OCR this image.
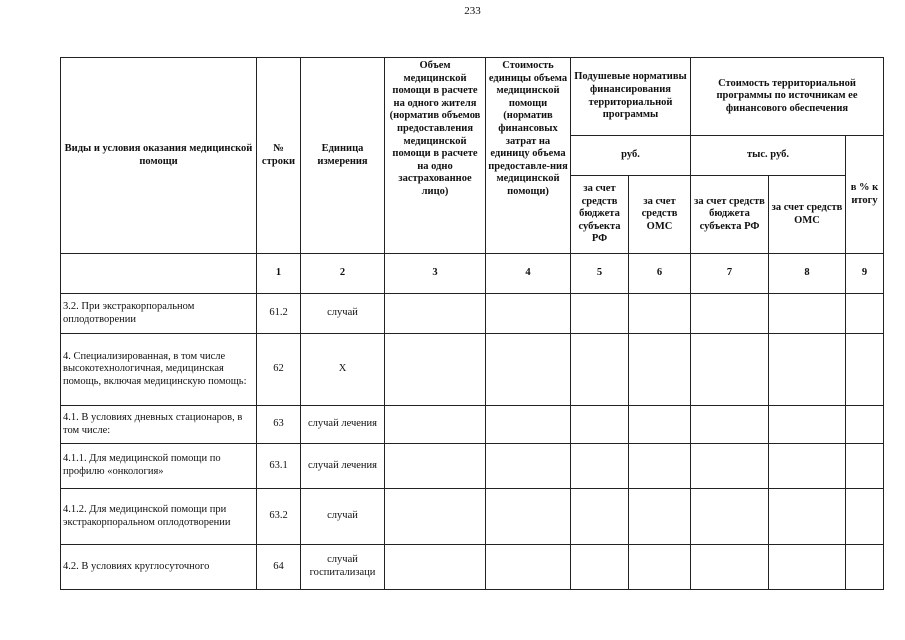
233
Виды и условия оказания медицинской помощи	№ строки	Единица измерения	Объем медицинской помощи в расчете на одного жителя (норматив объемов предоставления медицинской помощи в расчете на одно застрахованное лицо)	Стоимость единицы объема медицинской помощи (норматив финансовых затрат на единицу объема предоставле-ния медицинской помощи)	Подушевые нормативы финансирования территориальной программы		Стоимость территориальной программы по источникам ее финансового обеспечения		
					руб.		тыс. руб.		в % к итогу
					за счет средств бюджета субъекта РФ	за счет средств ОМС	за счет средств бюджета субъекта РФ	за счет средств ОМС	
	1	2	3	4	5	6	7	8	9
3.2. При экстракорпоральном оплодотворении	61.2	случай							
4. Специализированная, в том числе высокотехнологичная, медицинская помощь, включая медицинскую помощь:	62	Х							
4.1. В условиях дневных стационаров, в том числе:	63	случай лечения							
4.1.1. Для медицинской помощи по профилю «онкология»	63.1	случай лечения							
4.1.2. Для медицинской помощи при экстракорпоральном оплодотворении	63.2	случай							
4.2. В условиях круглосуточного	64	случай госпитализаци							
